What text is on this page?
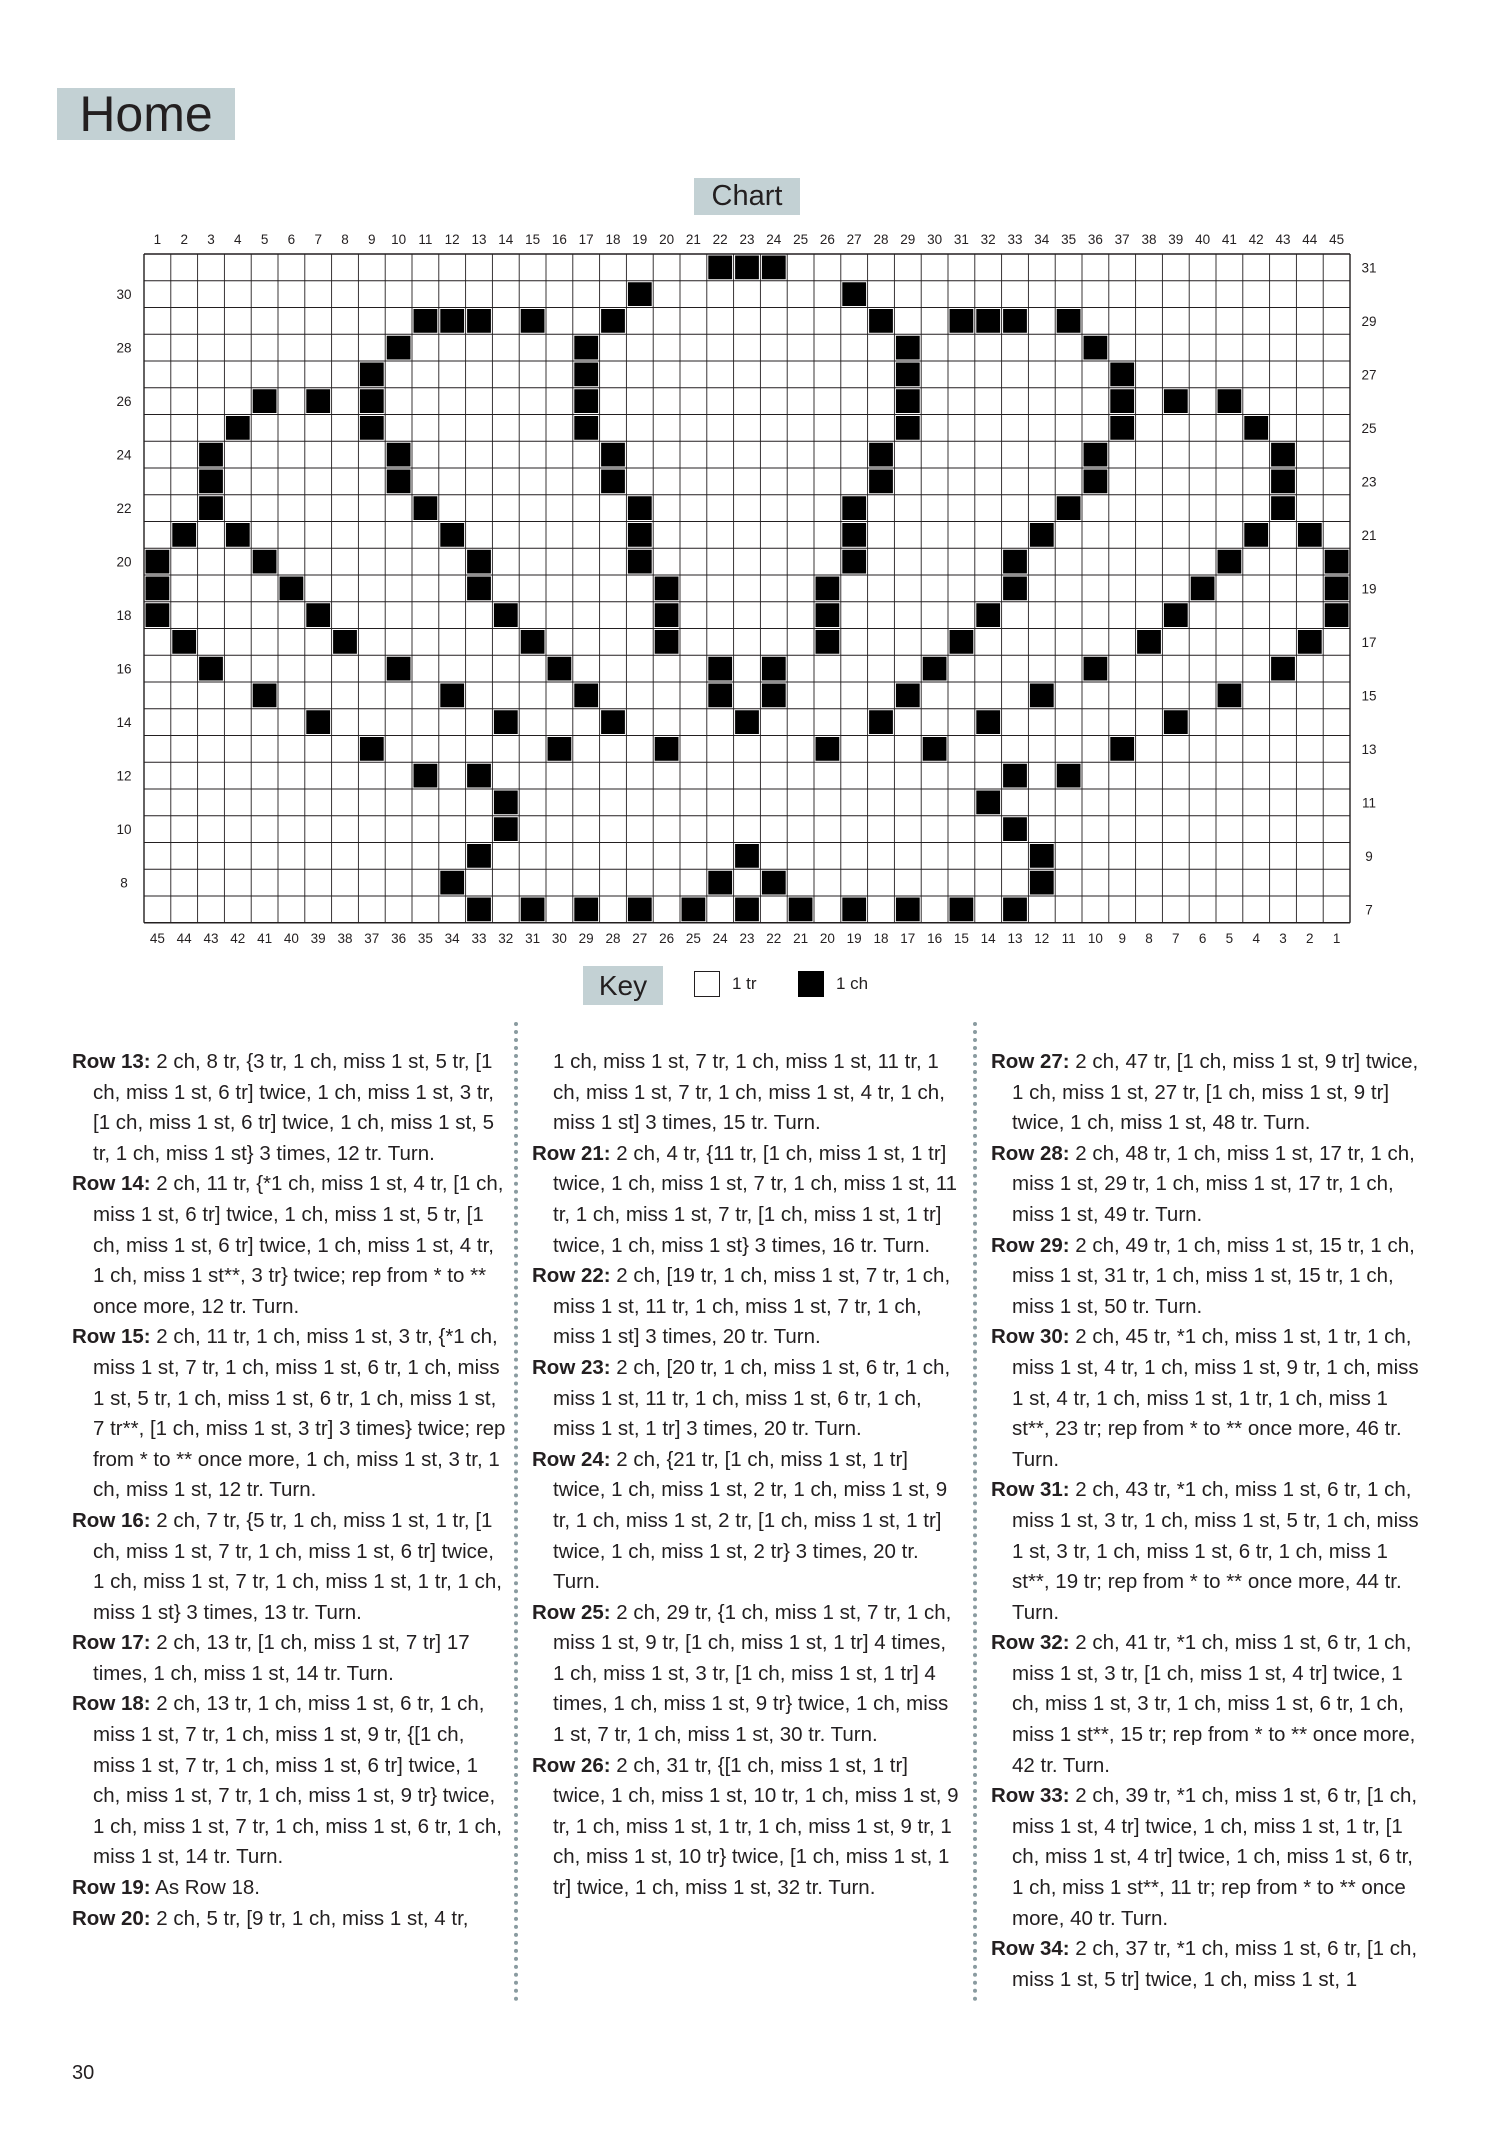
Home
Chart
1 2 3 4 5 6 7 8 9 10 11 12 13 14 15 16 17 18 19 20 21 22 23 24 25 26 27 28 29 30 31 32 33 34 35 36 37 38 39 40 41 42 43 44 45
45 44 43 42 41 40 39 38 37 36 35 34 33 32 31 30 29 28 27 26 25 24 23 22 21 20 19 18 17 16 15 14 13 12 11 10 9 8 7 6 5 4 3 2 1
8
10
12
14
16
18
20
22
24
26
28
30
7
9
11
13
15
17
19
21
23
25
27
29
31
Key	1 tr	1 ch

Row 13: 2 ch, 8 tr, {3 tr, 1 ch, miss 1 st, 5 tr, [1 ch, miss 1 st, 6 tr] twice, 1 ch, miss 1 st, 3 tr, [1 ch, miss 1 st, 6 tr] twice, 1 ch, miss 1 st, 5 tr, 1 ch, miss 1 st} 3 times, 12 tr. Turn.

Row 14: 2 ch, 11 tr, {*1 ch, miss 1 st, 4 tr, [1 ch, miss 1 st, 6 tr] twice, 1 ch, miss 1 st, 5 tr, [1 ch, miss 1 st, 6 tr] twice, 1 ch, miss 1 st, 4 tr, 1 ch, miss 1 st**, 3 tr} twice; rep from * to ** once more, 12 tr. Turn.

Row 15: 2 ch, 11 tr, 1 ch, miss 1 st, 3 tr, {*1 ch, miss 1 st, 7 tr, 1 ch, miss 1 st, 6 tr, 1 ch, miss 1 st, 5 tr, 1 ch, miss 1 st, 6 tr, 1 ch, miss 1 st, 7 tr**, [1 ch, miss 1 st, 3 tr] 3 times} twice; rep from * to ** once more, 1 ch, miss 1 st, 3 tr, 1 ch, miss 1 st, 12 tr. Turn.

Row 16: 2 ch, 7 tr, {5 tr, 1 ch, miss 1 st, 1 tr, [1 ch, miss 1 st, 7 tr, 1 ch, miss 1 st, 6 tr] twice, 1 ch, miss 1 st, 7 tr, 1 ch, miss 1 st, 1 tr, 1 ch, miss 1 st} 3 times, 13 tr. Turn.

Row 17: 2 ch, 13 tr, [1 ch, miss 1 st, 7 tr] 17 times, 1 ch, miss 1 st, 14 tr. Turn.

Row 18: 2 ch, 13 tr, 1 ch, miss 1 st, 6 tr, 1 ch, miss 1 st, 7 tr, 1 ch, miss 1 st, 9 tr, {[1 ch, miss 1 st, 7 tr, 1 ch, miss 1 st, 6 tr] twice, 1 ch, miss 1 st, 7 tr, 1 ch, miss 1 st, 9 tr} twice, 1 ch, miss 1 st, 7 tr, 1 ch, miss 1 st, 6 tr, 1 ch, miss 1 st, 14 tr. Turn.

Row 19: As Row 18.

Row 20: 2 ch, 5 tr, [9 tr, 1 ch, miss 1 st, 4 tr,

1 ch, miss 1 st, 7 tr, 1 ch, miss 1 st, 11 tr, 1 ch, miss 1 st, 7 tr, 1 ch, miss 1 st, 4 tr, 1 ch, miss 1 st] 3 times, 15 tr. Turn.

Row 21: 2 ch, 4 tr, {11 tr, [1 ch, miss 1 st, 1 tr] twice, 1 ch, miss 1 st, 7 tr, 1 ch, miss 1 st, 11 tr, 1 ch, miss 1 st, 7 tr, [1 ch, miss 1 st, 1 tr] twice, 1 ch, miss 1 st} 3 times, 16 tr. Turn.

Row 22: 2 ch, [19 tr, 1 ch, miss 1 st, 7 tr, 1 ch, miss 1 st, 11 tr, 1 ch, miss 1 st, 7 tr, 1 ch, miss 1 st] 3 times, 20 tr. Turn.

Row 23: 2 ch, [20 tr, 1 ch, miss 1 st, 6 tr, 1 ch, miss 1 st, 11 tr, 1 ch, miss 1 st, 6 tr, 1 ch, miss 1 st, 1 tr] 3 times, 20 tr. Turn.

Row 24: 2 ch, {21 tr, [1 ch, miss 1 st, 1 tr] twice, 1 ch, miss 1 st, 2 tr, 1 ch, miss 1 st, 9 tr, 1 ch, miss 1 st, 2 tr, [1 ch, miss 1 st, 1 tr] twice, 1 ch, miss 1 st, 2 tr} 3 times, 20 tr. Turn.

Row 25: 2 ch, 29 tr, {1 ch, miss 1 st, 7 tr, 1 ch, miss 1 st, 9 tr, [1 ch, miss 1 st, 1 tr] 4 times, 1 ch, miss 1 st, 3 tr, [1 ch, miss 1 st, 1 tr] 4 times, 1 ch, miss 1 st, 9 tr} twice, 1 ch, miss 1 st, 7 tr, 1 ch, miss 1 st, 30 tr. Turn.

Row 26: 2 ch, 31 tr, {[1 ch, miss 1 st, 1 tr] twice, 1 ch, miss 1 st, 10 tr, 1 ch, miss 1 st, 9 tr, 1 ch, miss 1 st, 1 tr, 1 ch, miss 1 st, 9 tr, 1 ch, miss 1 st, 10 tr} twice, [1 ch, miss 1 st, 1 tr] twice, 1 ch, miss 1 st, 32 tr. Turn.

Row 27: 2 ch, 47 tr, [1 ch, miss 1 st, 9 tr] twice, 1 ch, miss 1 st, 27 tr, [1 ch, miss 1 st, 9 tr] twice, 1 ch, miss 1 st, 48 tr. Turn.

Row 28: 2 ch, 48 tr, 1 ch, miss 1 st, 17 tr, 1 ch, miss 1 st, 29 tr, 1 ch, miss 1 st, 17 tr, 1 ch, miss 1 st, 49 tr. Turn.

Row 29: 2 ch, 49 tr, 1 ch, miss 1 st, 15 tr, 1 ch, miss 1 st, 31 tr, 1 ch, miss 1 st, 15 tr, 1 ch, miss 1 st, 50 tr. Turn.

Row 30: 2 ch, 45 tr, *1 ch, miss 1 st, 1 tr, 1 ch, miss 1 st, 4 tr, 1 ch, miss 1 st, 9 tr, 1 ch, miss 1 st, 4 tr, 1 ch, miss 1 st, 1 tr, 1 ch, miss 1 st**, 23 tr; rep from * to ** once more, 46 tr. Turn.

Row 31: 2 ch, 43 tr, *1 ch, miss 1 st, 6 tr, 1 ch, miss 1 st, 3 tr, 1 ch, miss 1 st, 5 tr, 1 ch, miss 1 st, 3 tr, 1 ch, miss 1 st, 6 tr, 1 ch, miss 1 st**, 19 tr; rep from * to ** once more, 44 tr. Turn.

Row 32: 2 ch, 41 tr, *1 ch, miss 1 st, 6 tr, 1 ch, miss 1 st, 3 tr, [1 ch, miss 1 st, 4 tr] twice, 1 ch, miss 1 st, 3 tr, 1 ch, miss 1 st, 6 tr, 1 ch, miss 1 st**, 15 tr; rep from * to ** once more, 42 tr. Turn.

Row 33: 2 ch, 39 tr, *1 ch, miss 1 st, 6 tr, [1 ch, miss 1 st, 4 tr] twice, 1 ch, miss 1 st, 1 tr, [1 ch, miss 1 st, 4 tr] twice, 1 ch, miss 1 st, 6 tr, 1 ch, miss 1 st**, 11 tr; rep from * to ** once more, 40 tr. Turn.

Row 34: 2 ch, 37 tr, *1 ch, miss 1 st, 6 tr, [1 ch, miss 1 st, 5 tr] twice, 1 ch, miss 1 st, 1

30
